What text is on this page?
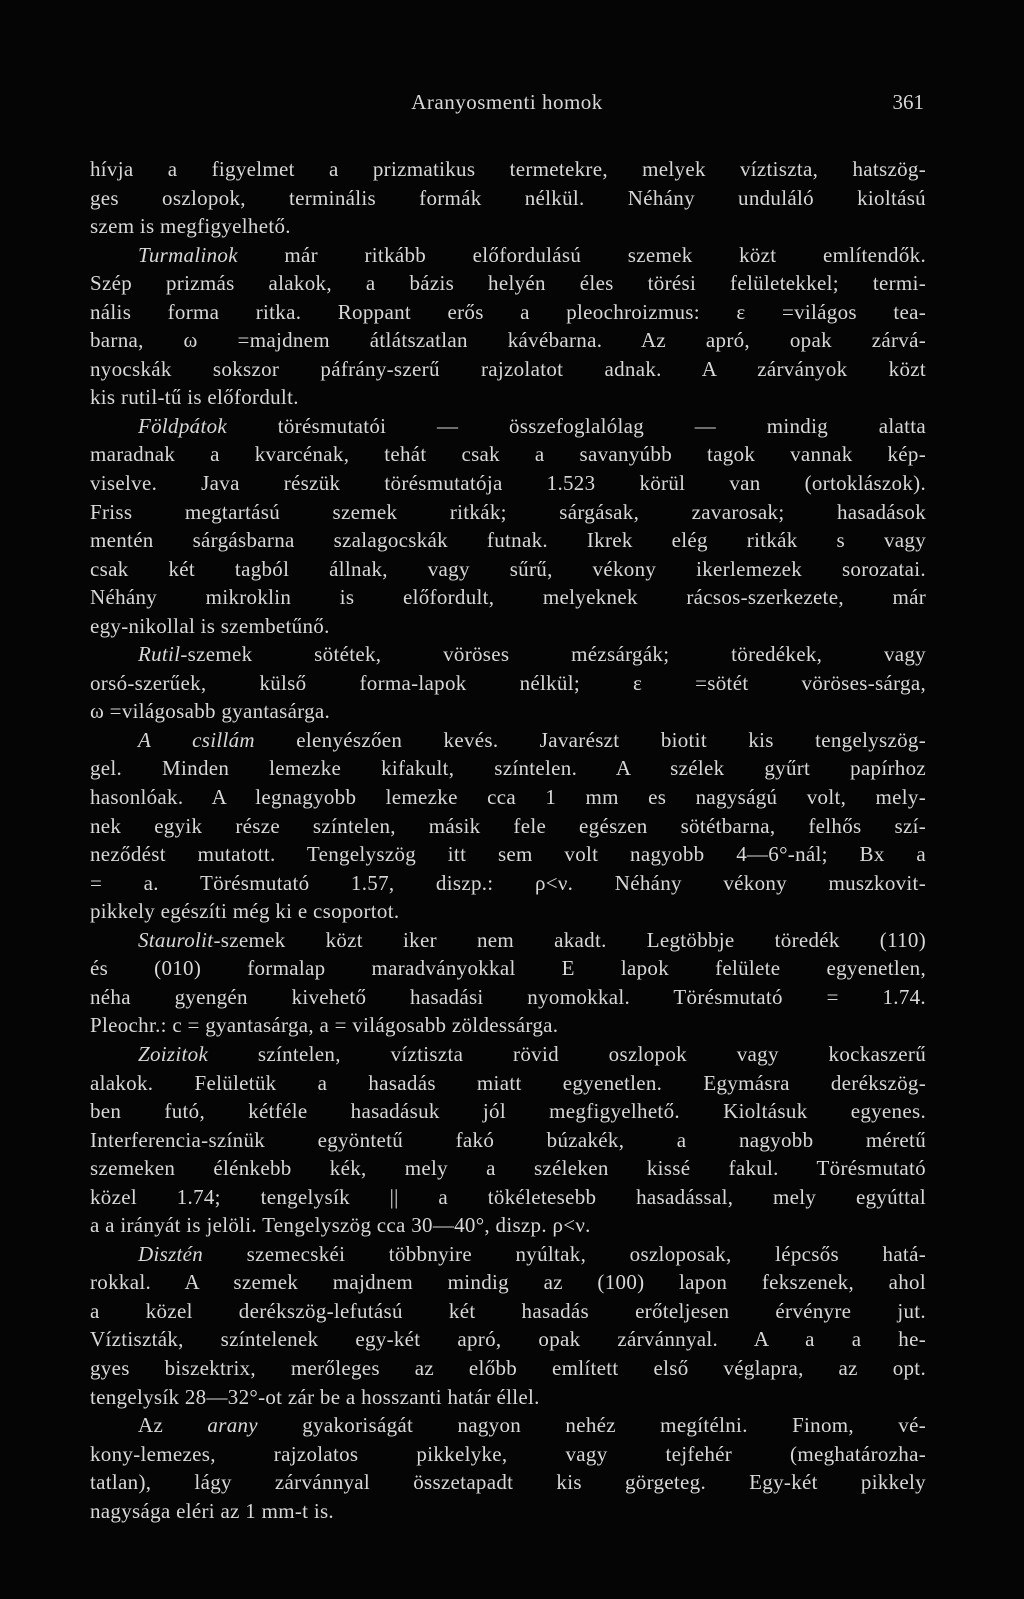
Aranyosmenti homok	361
hívja a figyelmet a prizmatikus termetekre, melyek víztiszta, hatszög-
ges oszlopok, terminális formák nélkül. Néhány unduláló kioltású
szem is megfigyelhető.
Turmalinok már ritkább előfordulású szemek közt említendők.
Szép prizmás alakok, a bázis helyén éles törési felületekkel; termi-
nális forma ritka. Roppant erős a pleochroizmus: ε =világos tea-
barna, ω =majdnem átlátszatlan kávébarna. Az apró, opak zárvá-
nyocskák sokszor páfrány-szerű rajzolatot adnak. A zárványok közt
kis rutil-tű is előfordult.
Földpátok törésmutatói — összefoglalólag — mindig alatta
maradnak a kvarcénak, tehát csak a savanyúbb tagok vannak kép-
viselve. Java részük törésmutatója 1.523 körül van (ortoklászok).
Friss megtartású szemek ritkák; sárgásak, zavarosak; hasadások
mentén sárgásbarna szalagocskák futnak. Ikrek elég ritkák s vagy
csak két tagból állnak, vagy sűrű, vékony ikerlemezek sorozatai.
Néhány mikroklin is előfordult, melyeknek rácsos-szerkezete, már
egy-nikollal is szembetűnő.
Rutil-szemek sötétek, vöröses mézsárgák; töredékek, vagy
orsó-szerűek, külső forma-lapok nélkül; ε =sötét vöröses-sárga,
ω =világosabb gyantasárga.
A csillám elenyészően kevés. Javarészt biotit kis tengelyszög-
gel. Minden lemezke kifakult, színtelen. A szélek gyűrt papírhoz
hasonlóak. A legnagyobb lemezke cca 1 mm es nagyságú volt, mely-
nek egyik része színtelen, másik fele egészen sötétbarna, felhős szí-
neződést mutatott. Tengelyszög itt sem volt nagyobb 4—6°-nál; Bx a
= a. Törésmutató 1.57, diszp.: ρ<ν. Néhány vékony muszkovit-
pikkely egészíti még ki e csoportot.
Staurolit-szemek közt iker nem akadt. Legtöbbje töredék (110)
és (010) formalap maradványokkal E lapok felülete egyenetlen,
néha gyengén kivehető hasadási nyomokkal. Törésmutató = 1.74.
Pleochr.: c = gyantasárga, a = világosabb zöldessárga.
Zoizitok színtelen, víztiszta rövid oszlopok vagy kockaszerű
alakok. Felületük a hasadás miatt egyenetlen. Egymásra derékszög-
ben futó, kétféle hasadásuk jól megfigyelhető. Kioltásuk egyenes.
Interferencia-színük egyöntetű fakó búzakék, a nagyobb méretű
szemeken élénkebb kék, mely a széleken kissé fakul. Törésmutató
közel 1.74; tengelysík || a tökéletesebb hasadással, mely egyúttal
a a irányát is jelöli. Tengelyszög cca 30—40°, diszp. ρ<ν.
Disztén szemecskéi többnyire nyúltak, oszloposak, lépcsős hatá-
rokkal. A szemek majdnem mindig az (100) lapon fekszenek, ahol
a közel derékszög-lefutású két hasadás erőteljesen érvényre jut.
Víztiszták, színtelenek egy-két apró, opak zárvánnyal. A a a he-
gyes biszektrix, merőleges az előbb említett első véglapra, az opt.
tengelysík 28—32°-ot zár be a hosszanti határ éllel.
Az arany gyakoriságát nagyon nehéz megítélni. Finom, vé-
kony-lemezes, rajzolatos pikkelyke, vagy tejfehér (meghatározha-
tatlan), lágy zárvánnyal összetapadt kis görgeteg. Egy-két pikkely
nagysága eléri az 1 mm-t is.
